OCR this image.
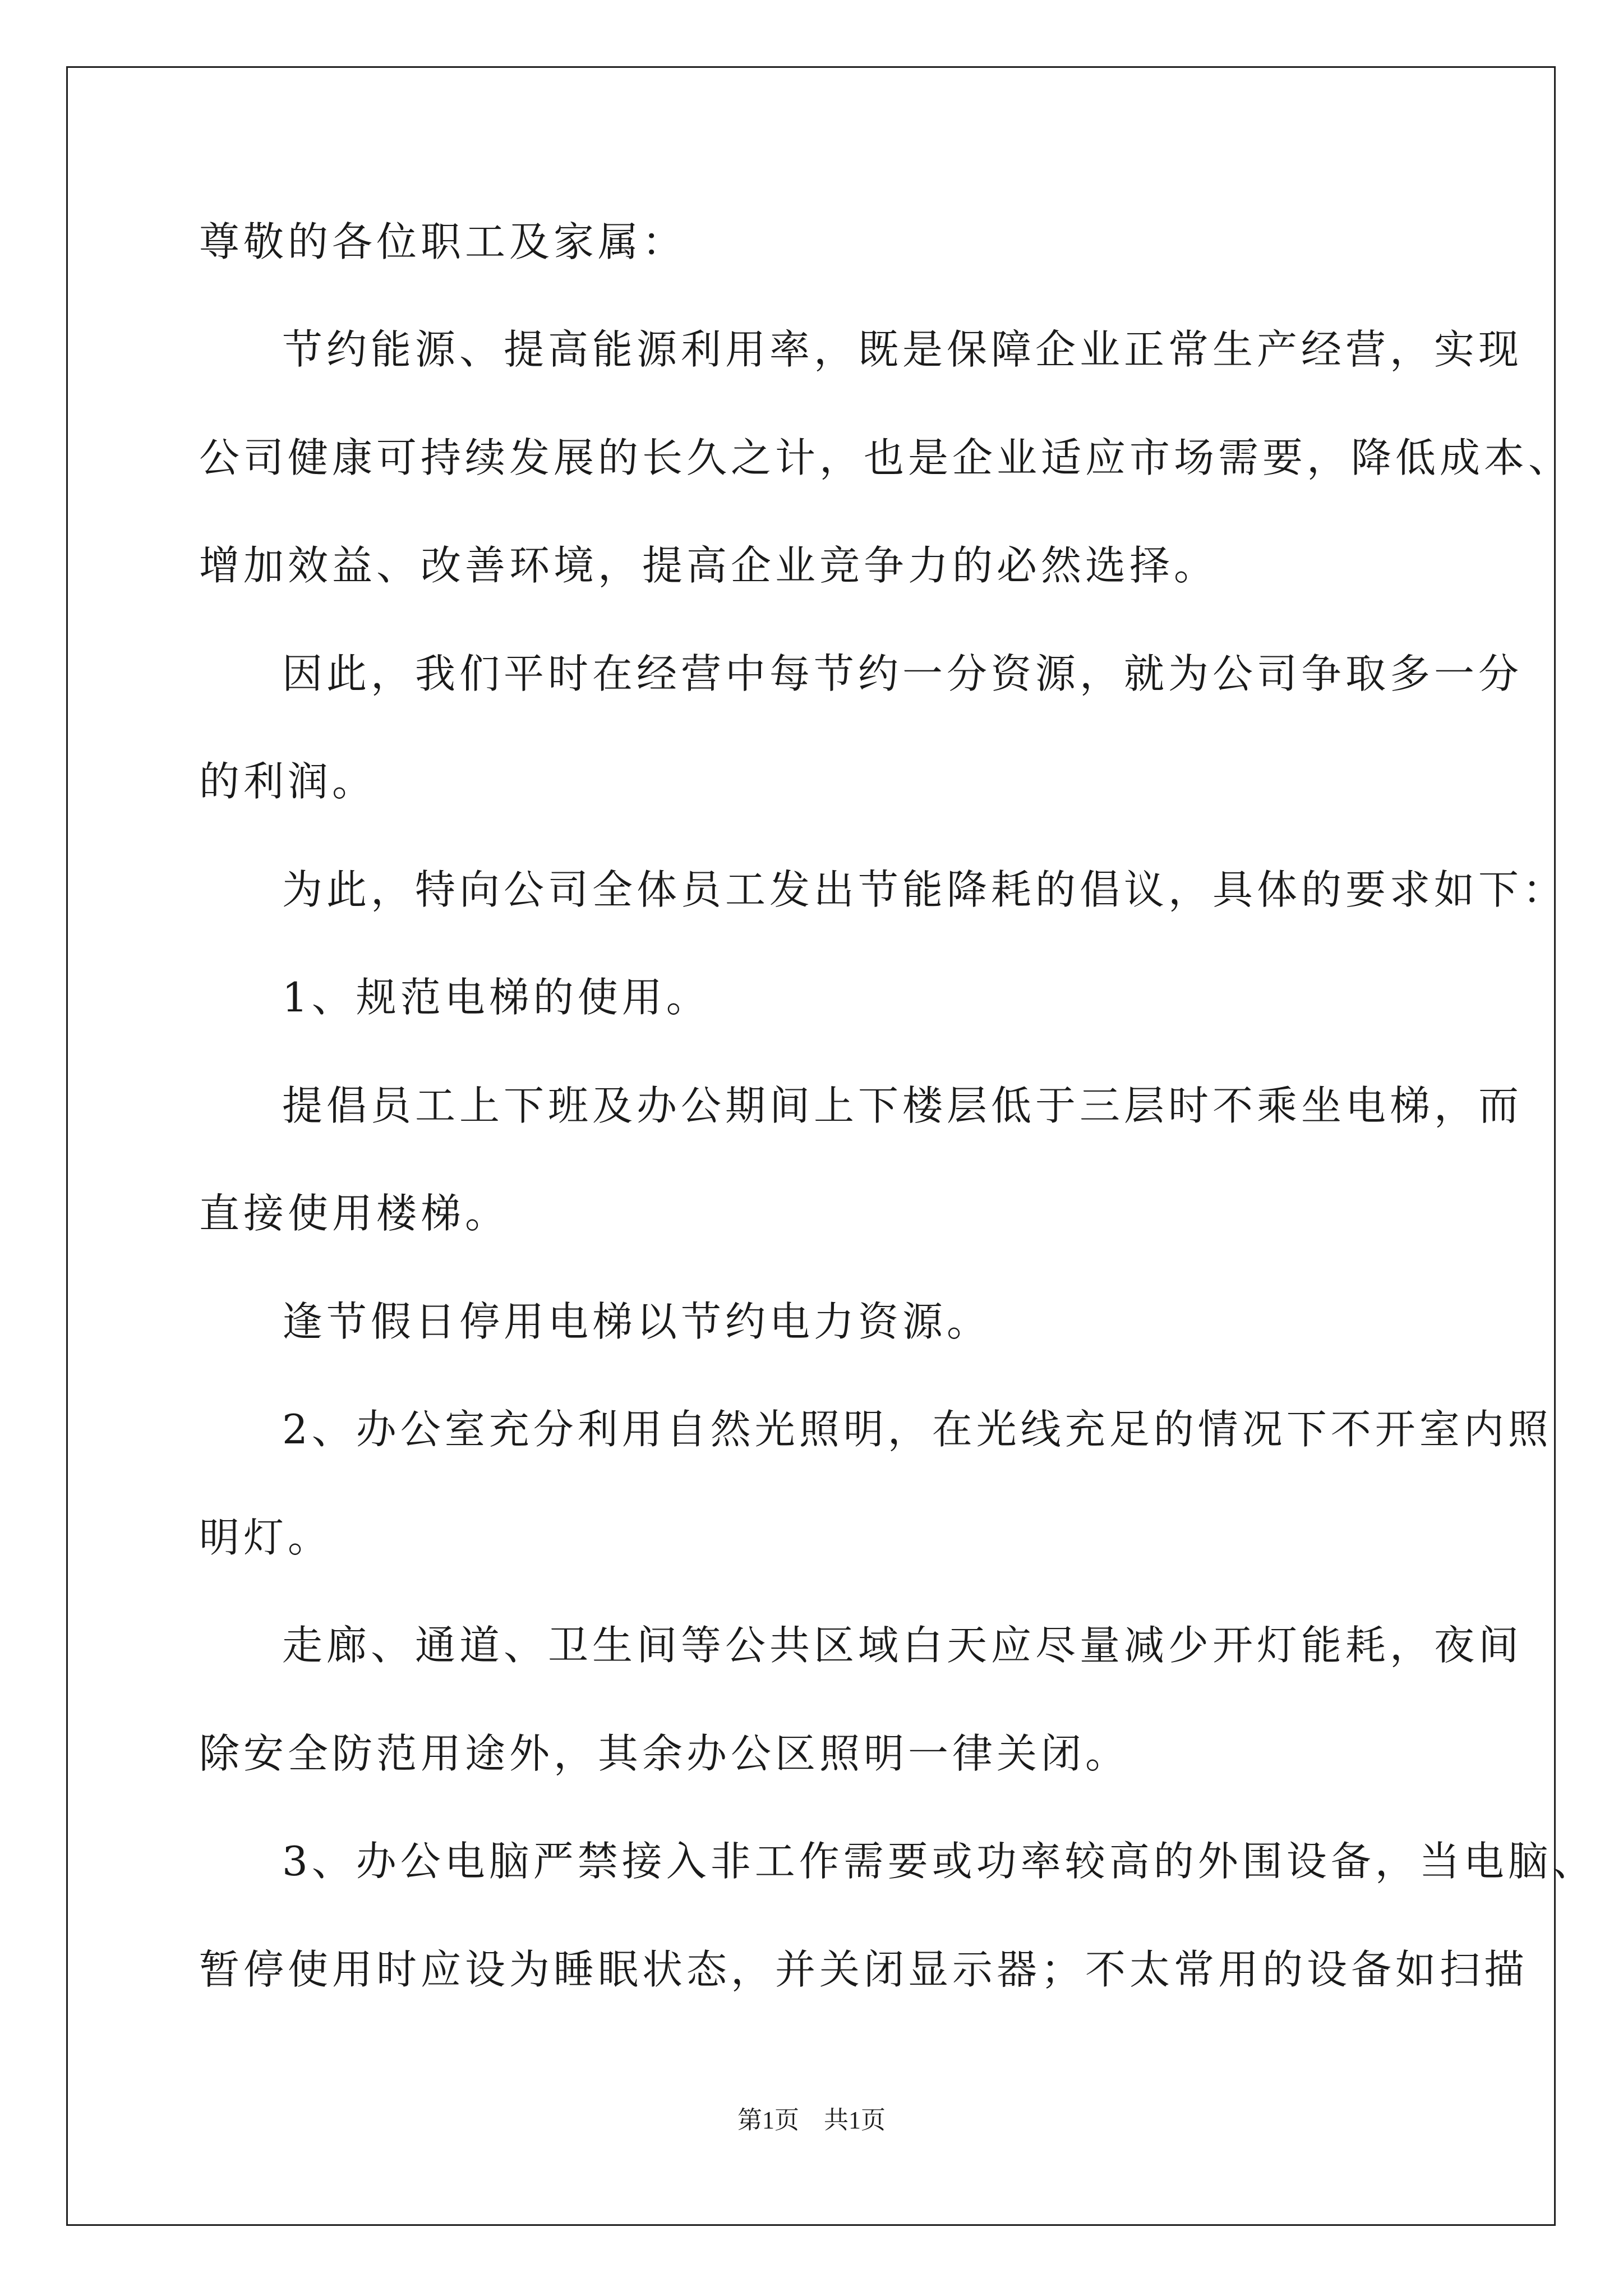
尊敬的各位职工及家属：
节约能源、提高能源利用率，既是保障企业正常生产经营，实现
公司健康可持续发展的长久之计，也是企业适应市场需要，降低成本、
增加效益、改善环境，提高企业竞争力的必然选择。
因此，我们平时在经营中每节约一分资源，就为公司争取多一分
的利润。
为此，特向公司全体员工发出节能降耗的倡议，具体的要求如下：
1、规范电梯的使用。
提倡员工上下班及办公期间上下楼层低于三层时不乘坐电梯，而
直接使用楼梯。
逢节假日停用电梯以节约电力资源。
2、办公室充分利用自然光照明，在光线充足的情况下不开室内照
明灯。
走廊、通道、卫生间等公共区域白天应尽量减少开灯能耗，夜间
除安全防范用途外，其余办公区照明一律关闭。
3、办公电脑严禁接入非工作需要或功率较高的外围设备，当电脑、
暂停使用时应设为睡眠状态，并关闭显示器；不太常用的设备如扫描
第1页 共1页
